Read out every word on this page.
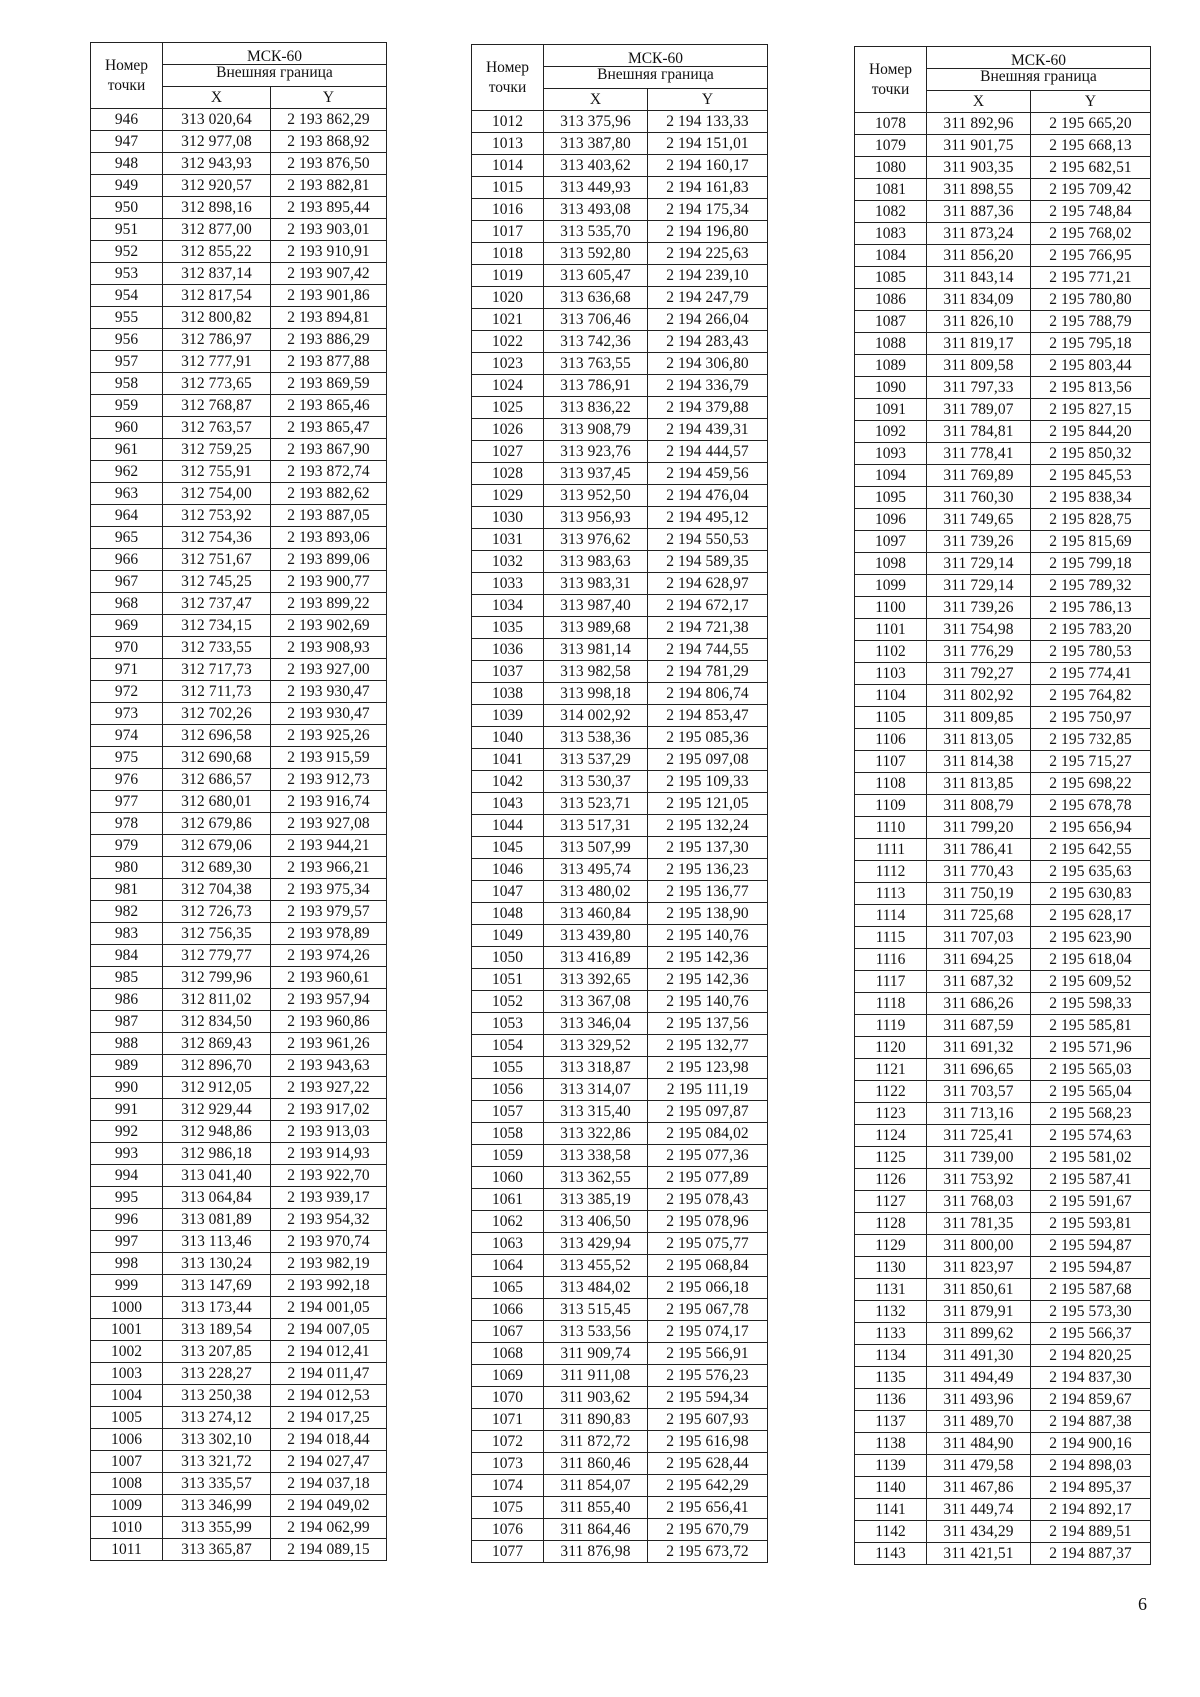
Номер
точки	МСК-60	
	Внешняя граница	
	X	Y
946	313 020,64	2 193 862,29
947	312 977,08	2 193 868,92
948	312 943,93	2 193 876,50
949	312 920,57	2 193 882,81
950	312 898,16	2 193 895,44
951	312 877,00	2 193 903,01
952	312 855,22	2 193 910,91
953	312 837,14	2 193 907,42
954	312 817,54	2 193 901,86
955	312 800,82	2 193 894,81
956	312 786,97	2 193 886,29
957	312 777,91	2 193 877,88
958	312 773,65	2 193 869,59
959	312 768,87	2 193 865,46
960	312 763,57	2 193 865,47
961	312 759,25	2 193 867,90
962	312 755,91	2 193 872,74
963	312 754,00	2 193 882,62
964	312 753,92	2 193 887,05
965	312 754,36	2 193 893,06
966	312 751,67	2 193 899,06
967	312 745,25	2 193 900,77
968	312 737,47	2 193 899,22
969	312 734,15	2 193 902,69
970	312 733,55	2 193 908,93
971	312 717,73	2 193 927,00
972	312 711,73	2 193 930,47
973	312 702,26	2 193 930,47
974	312 696,58	2 193 925,26
975	312 690,68	2 193 915,59
976	312 686,57	2 193 912,73
977	312 680,01	2 193 916,74
978	312 679,86	2 193 927,08
979	312 679,06	2 193 944,21
980	312 689,30	2 193 966,21
981	312 704,38	2 193 975,34
982	312 726,73	2 193 979,57
983	312 756,35	2 193 978,89
984	312 779,77	2 193 974,26
985	312 799,96	2 193 960,61
986	312 811,02	2 193 957,94
987	312 834,50	2 193 960,86
988	312 869,43	2 193 961,26
989	312 896,70	2 193 943,63
990	312 912,05	2 193 927,22
991	312 929,44	2 193 917,02
992	312 948,86	2 193 913,03
993	312 986,18	2 193 914,93
994	313 041,40	2 193 922,70
995	313 064,84	2 193 939,17
996	313 081,89	2 193 954,32
997	313 113,46	2 193 970,74
998	313 130,24	2 193 982,19
999	313 147,69	2 193 992,18
1000	313 173,44	2 194 001,05
1001	313 189,54	2 194 007,05
1002	313 207,85	2 194 012,41
1003	313 228,27	2 194 011,47
1004	313 250,38	2 194 012,53
1005	313 274,12	2 194 017,25
1006	313 302,10	2 194 018,44
1007	313 321,72	2 194 027,47
1008	313 335,57	2 194 037,18
1009	313 346,99	2 194 049,02
1010	313 355,99	2 194 062,99
1011	313 365,87	2 194 089,15
Номер
точки	МСК-60	
	Внешняя граница	
	X	Y
1012	313 375,96	2 194 133,33
1013	313 387,80	2 194 151,01
1014	313 403,62	2 194 160,17
1015	313 449,93	2 194 161,83
1016	313 493,08	2 194 175,34
1017	313 535,70	2 194 196,80
1018	313 592,80	2 194 225,63
1019	313 605,47	2 194 239,10
1020	313 636,68	2 194 247,79
1021	313 706,46	2 194 266,04
1022	313 742,36	2 194 283,43
1023	313 763,55	2 194 306,80
1024	313 786,91	2 194 336,79
1025	313 836,22	2 194 379,88
1026	313 908,79	2 194 439,31
1027	313 923,76	2 194 444,57
1028	313 937,45	2 194 459,56
1029	313 952,50	2 194 476,04
1030	313 956,93	2 194 495,12
1031	313 976,62	2 194 550,53
1032	313 983,63	2 194 589,35
1033	313 983,31	2 194 628,97
1034	313 987,40	2 194 672,17
1035	313 989,68	2 194 721,38
1036	313 981,14	2 194 744,55
1037	313 982,58	2 194 781,29
1038	313 998,18	2 194 806,74
1039	314 002,92	2 194 853,47
1040	313 538,36	2 195 085,36
1041	313 537,29	2 195 097,08
1042	313 530,37	2 195 109,33
1043	313 523,71	2 195 121,05
1044	313 517,31	2 195 132,24
1045	313 507,99	2 195 137,30
1046	313 495,74	2 195 136,23
1047	313 480,02	2 195 136,77
1048	313 460,84	2 195 138,90
1049	313 439,80	2 195 140,76
1050	313 416,89	2 195 142,36
1051	313 392,65	2 195 142,36
1052	313 367,08	2 195 140,76
1053	313 346,04	2 195 137,56
1054	313 329,52	2 195 132,77
1055	313 318,87	2 195 123,98
1056	313 314,07	2 195 111,19
1057	313 315,40	2 195 097,87
1058	313 322,86	2 195 084,02
1059	313 338,58	2 195 077,36
1060	313 362,55	2 195 077,89
1061	313 385,19	2 195 078,43
1062	313 406,50	2 195 078,96
1063	313 429,94	2 195 075,77
1064	313 455,52	2 195 068,84
1065	313 484,02	2 195 066,18
1066	313 515,45	2 195 067,78
1067	313 533,56	2 195 074,17
1068	311 909,74	2 195 566,91
1069	311 911,08	2 195 576,23
1070	311 903,62	2 195 594,34
1071	311 890,83	2 195 607,93
1072	311 872,72	2 195 616,98
1073	311 860,46	2 195 628,44
1074	311 854,07	2 195 642,29
1075	311 855,40	2 195 656,41
1076	311 864,46	2 195 670,79
1077	311 876,98	2 195 673,72
Номер
точки	МСК-60	
	Внешняя граница	
	X	Y
1078	311 892,96	2 195 665,20
1079	311 901,75	2 195 668,13
1080	311 903,35	2 195 682,51
1081	311 898,55	2 195 709,42
1082	311 887,36	2 195 748,84
1083	311 873,24	2 195 768,02
1084	311 856,20	2 195 766,95
1085	311 843,14	2 195 771,21
1086	311 834,09	2 195 780,80
1087	311 826,10	2 195 788,79
1088	311 819,17	2 195 795,18
1089	311 809,58	2 195 803,44
1090	311 797,33	2 195 813,56
1091	311 789,07	2 195 827,15
1092	311 784,81	2 195 844,20
1093	311 778,41	2 195 850,32
1094	311 769,89	2 195 845,53
1095	311 760,30	2 195 838,34
1096	311 749,65	2 195 828,75
1097	311 739,26	2 195 815,69
1098	311 729,14	2 195 799,18
1099	311 729,14	2 195 789,32
1100	311 739,26	2 195 786,13
1101	311 754,98	2 195 783,20
1102	311 776,29	2 195 780,53
1103	311 792,27	2 195 774,41
1104	311 802,92	2 195 764,82
1105	311 809,85	2 195 750,97
1106	311 813,05	2 195 732,85
1107	311 814,38	2 195 715,27
1108	311 813,85	2 195 698,22
1109	311 808,79	2 195 678,78
1110	311 799,20	2 195 656,94
1111	311 786,41	2 195 642,55
1112	311 770,43	2 195 635,63
1113	311 750,19	2 195 630,83
1114	311 725,68	2 195 628,17
1115	311 707,03	2 195 623,90
1116	311 694,25	2 195 618,04
1117	311 687,32	2 195 609,52
1118	311 686,26	2 195 598,33
1119	311 687,59	2 195 585,81
1120	311 691,32	2 195 571,96
1121	311 696,65	2 195 565,03
1122	311 703,57	2 195 565,04
1123	311 713,16	2 195 568,23
1124	311 725,41	2 195 574,63
1125	311 739,00	2 195 581,02
1126	311 753,92	2 195 587,41
1127	311 768,03	2 195 591,67
1128	311 781,35	2 195 593,81
1129	311 800,00	2 195 594,87
1130	311 823,97	2 195 594,87
1131	311 850,61	2 195 587,68
1132	311 879,91	2 195 573,30
1133	311 899,62	2 195 566,37
1134	311 491,30	2 194 820,25
1135	311 494,49	2 194 837,30
1136	311 493,96	2 194 859,67
1137	311 489,70	2 194 887,38
1138	311 484,90	2 194 900,16
1139	311 479,58	2 194 898,03
1140	311 467,86	2 194 895,37
1141	311 449,74	2 194 892,17
1142	311 434,29	2 194 889,51
1143	311 421,51	2 194 887,37
6
